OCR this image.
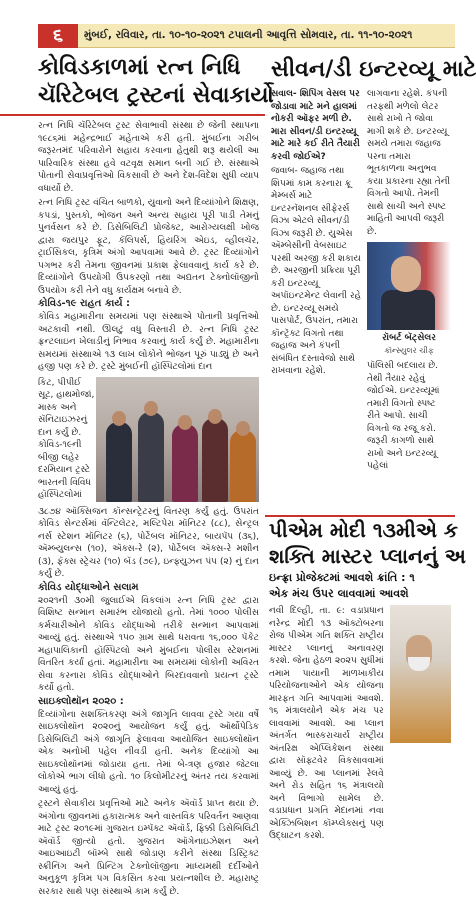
૬	મુંબઈ, રવિવાર, તા. ૧૦-૧૦-૨૦૨૧ ટપાલની આવૃત્તિ સોમવાર, તા. ૧૧-૧૦-૨૦૨૧
કોવિડકાળમાં રત્ન નિધિ
ચૅરિટેબલ ટ્રસ્ટનાં સેવાકાર્યો

રત્ન નિધિ ચૅરિટેબલ ટ્રસ્ટ સેવાભાવી સંસ્થા છે જેની સ્થાપના ૧૯૮૬માં મહેન્દ્રભાઈ મહેતાએ કરી હતી. મુંબઈના ગરીબ જરૂરતમંદ પરિવારોને સહાય કરવાના હેતુથી શરૂ થયેલી આ પારિવારિક સંસ્થા હવે વટવૃક્ષ સમાન બની ગઈ છે. સંસ્થાએ પોતાની સેવાપ્રવૃત્તિઓ વિકસાવી છે અને દેશ-વિદેશ સુધી વ્યાપ વધાર્યો છે.

રત્ન નિધિ ટ્રસ્ટ વંચિત બાળકો, યુવાનો અને દિવ્યાંગોને શિક્ષણ, કપડાં, પુસ્તકો, ભોજન અને અન્ય સહાય પૂરી પાડી તેમનું પુનર્વસન કરે છે. ડિસેબિલિટી પ્રોજેક્ટ, આરોગ્યલક્ષી ખોજ દ્વારા જયપુર ફૂટ, કૅલિપર્સ, હિયરિંગ એઇડ, વ્હીલચૅર, ટ્રાઈસિકલ, કૃત્રિમ અંગો આપવામાં આવે છે. ટ્રસ્ટ દિવ્યાંગોને પગભર કરી તેમના જીવનમાં પ્રકાશ ફેલાવવાનું કાર્ય કરે છે. દિવ્યાંગોને ઉપયોગી ઉપકરણો તથા અદ્યતન ટેક્નોલૉજીનો ઉપયોગ કરી તેને વધુ કાર્યક્ષમ બનાવે છે.

કોવિડ-૧૯ રાહત કાર્ય :

કોવિડ મહામારીના સમયમાં પણ સંસ્થાએ પોતાની પ્રવૃત્તિઓ અટકાવી નથી. ઊલટું વધુ વિસ્તારી છે. રત્ન નિધિ ટ્રસ્ટ ફ્રન્ટલાઇન ખેલાડીનું નિભાવ કરવાનું કાર્ય કર્યું છે. મહામારીના સમયમાં સંસ્થાએ ૧૩ લાખ લોકોને ભોજન પૂરું પાડ્યું છે અને હજી પણ કરે છે. ટ્રસ્ટે મુંબઈની હૉસ્પિટલોમાં દાન

કિટ, પીપીઈ સૂટ, હાથમોજાં, માસ્ક અને સૅનિટાઇઝરનું દાન કર્યું છે. કોવિડ-૧૯ની બીજી લહેર દરમિયાન ટ્રસ્ટે ભારતની વિવિધ હૉસ્પિટલોમાં

૩૮૭૪ ઑક્સિજન કૉન્સન્ટ્રેટરનું વિતરણ કર્યું હતું. ઉપરાંત કોવિડ સેન્ટર્સમાં વૅન્ટિલેટર, મલ્ટિપેરા મૉનિટર (૮૮), સેન્ટ્રલ નર્સ સ્ટેશન મૉનિટર (૬), પોર્ટેબલ મૉનિટર, બાયપૅપ (૩૬), ઍમ્બ્યુલન્સ (૧૦), ઍક્સ-રે (૨), પોર્ટેબલ ઍક્સ-રે મશીન (૩), ફૅક્સ સ્ટ્રેચર (૧૦) બૅડ (૭૯), ઇન્ફ્યુઝન પંપ (૨) નું દાન કર્યું છે.

કોવિડ યોદ્ધાઓને સલામ

૨૦૨૧ની ૩૦મી જુલાઈએ વિકલાંગ રત્ન નિધિ ટ્રસ્ટ દ્વારા વિશિષ્ટ સન્માન સમારંભ યોજાયો હતો. તેમાં ૧૦૦૦ પોલીસ કર્મચારીઓને કોવિડ યોદ્ધાઓ તરીકે સન્માન આપવામાં આવ્યું હતું. સંસ્થાએ ૧૫૦ ગ્રામ સાથે ધરાવતા ૧૬,૦૦૦ પૅકેટ મહાપાલિકાની હૉસ્પિટલો અને મુંબઈના પોલીસ સ્ટેશનમાં વિતરિત કર્યાં હતાં. મહામારીના આ સમયમાં લોકોની અવિરત સેવા કરનારા કોવિડ યોદ્ધાઓને બિરદાવવાનો પ્રયત્ન ટ્રસ્ટે કર્યો હતો.

સાઇક્લોથૉન ૨૦૨૦ :

દિવ્યાંગોના સશક્તિકરણ અંગે જાગૃતિ લાવવા ટ્રસ્ટે ગયા વર્ષે સાઇક્લોથૉન ૨૦૨૦નું આયોજન કર્યું હતું. ઑર્થોપેડિક ડિસેબિલિટી અંગે જાગૃતિ ફેલાવવા આયોજિત સાઇક્લોથૉન એક અનોખી પહેલ નીવડી હતી. અનેક દિવ્યાંગો આ સાઇક્લોથૉનમાં જોડાયા હતા. તેમાં બે-ત્રણ હજાર જેટલા લોકોએ ભાગ લીધો હતો. ૧૦ કિલોમીટરનું અંતર તય કરવામાં આવ્યું હતું.

ટ્રસ્ટને સેવાકીય પ્રવૃત્તિઓ માટે અનેક ઍવૉર્ડ પ્રાપ્ત થયા છે. અંગોના જીવનમાં હકારાત્મક અને વાસ્તવિક પરિવર્તન આણવા માટે ટ્રસ્ટ ૨૦૧૯માં ગુજરાત ઇમ્પૅક્ટ ઍવૉર્ડ, ફિક્કી ડિસેબિલિટી ઍવૉર્ડ જીત્યો હતો. ગુજરાત ઑગેનાઇઝેશન અને આઇઆઇટી બૉમ્બે સાથે જોડાણ કરીને સંસ્થા ડિસ્ટ્રિક્ટ સ્ક્રીનિંગ અને પ્રિન્ટિંગ ટેક્નોલૉજીના માધ્યમથી દર્દીઓને અનુકૂળ કૃત્રિમ પગ વિકસિત કરવા પ્રયત્નશીલ છે. મહારાષ્ટ્ર સરકાર સાથે પણ સંસ્થાએ કામ કર્યું છે.

સીવન/ડી ઇન્ટરવ્યૂ માટે

સવાલ- શિપિંગ વેસલ પર જોડાવા માટે મને હાલમાં નોકરી ઑફર મળી છે. મારા સીવન/ડી ઇન્ટરવ્યૂ માટે મારે કઈ રીતે તૈયારી કરવી જોઈએ?

જવાબ- જહાજ તથા શિપમાં કામ કરનારા ક્રૂ મેમ્બર્સ માટે ઇન્ટરનૅશનલ સીફેરર્સ વિઝા એટલે સીવન/ડી વિઝા જરૂરી છે. યુએસ ઍમ્બેસીની વેબસાઇટ પરથી અરજી કરી શકાય છે. અરજીની પ્રક્રિયા પૂરી કરી ઇન્ટરવ્યૂ અપૉઇન્ટમેન્ટ લેવાની રહે છે. ઇન્ટરવ્યૂ સમયે પાસપોર્ટ, ઉપરાંત, તમારા કૉન્ટ્રૅક્ટ વિગતો તથા જહાજ અને કંપની સંબંધિત દસ્તાવેજો સાથે રાખવાના રહેશે.

લાગવાના રહેશે. કંપની તરફથી મળેલો લેટર સાથે રાખો તે જોવા માગી શકે છે. ઇન્ટરવ્યૂ સમયે તમારા જહાજ પરના તમારા ભૂતકાળના અનુભવ કયા પ્રકારના રહ્યા તેની વિગતો આપો. તેમની સાથે સાચી અને સ્પષ્ટ માહિતી આપવી જરૂરી છે.

રૉબર્ટ બૅટ્સેલર
કૉન્સ્યુલર ચીફ

પૉલિસી બદલાય છે. તેથી તૈયાર રહેવું જોઈએ. ઇન્ટરવ્યૂમાં તમારી વિગતો સ્પષ્ટ રીતે આપો. સાચી વિગતો જ રજૂ કરો. જરૂરી કાગળો સાથે રાખો અને ઇન્ટરવ્યૂ પહેલાં

પીએમ મોદી ૧૩મીએ ક
શક્તિ માસ્ટર પ્લાનનું અ
ઇન્ફ્રા પ્રોજેક્ટમાં આવશે ક્રાંતિ : ૧
એક મંચ ઉપર લાવવામાં આવશે

નવી દિલ્હી, તા. ૯: વડાપ્રધાન નરેન્દ્ર મોદી ૧૩ ઑક્ટોબરના રોજ પીએમ ગતિ શક્તિ રાષ્ટ્રીય માસ્ટર પ્લાનનું અનાવરણ કરશે. જેના હેઠળ ૨૦૨૫ સુધીમાં તમામ પાયાની માળખાકીય પરિયોજનાઓને એક યોજના મારફત ગતિ આપવામાં આવશે. ૧૬ મંત્રાલયોને એક મંચ પર લાવવામાં આવશે. આ પ્લાન અંતર્ગત ભાસ્કરાચાર્ય રાષ્ટ્રીય અંતરિક્ષ એપ્લિકેશન સંસ્થા દ્વારા સૉફ્ટવેર વિકસાવવામાં આવ્યું છે. આ પ્લાનમાં રેલવે અને રોડ સહિત ૧૬ મંત્રાલયો અને વિભાગો સામેલ છે. વડાપ્રધાન પ્રગતિ મેદાનમાં નવા એક્ઝિબિશન કૉમ્પ્લેક્સનું પણ ઉદ્ઘાટન કરશે.
